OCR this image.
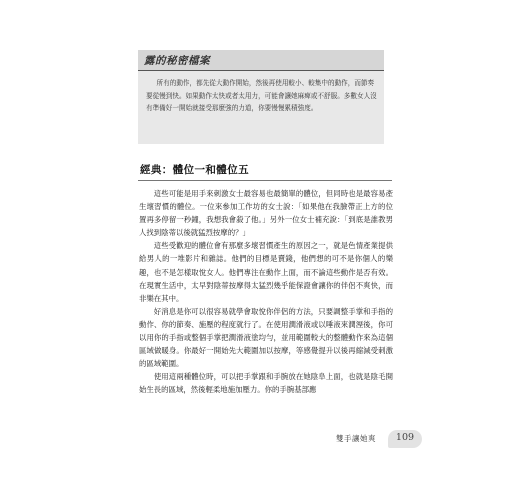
露的秘密檔案

所有的動作，都先從大動作開始，然後再使用較小、較集中的動作，而節奏要從慢到快。如果動作太快或者太用力，可能會讓她麻痺或不舒服。多數女人沒有準備好一開始就接受那麼強的力道，你要慢慢累積強度。

經典：體位一和體位五

這些可能是用手來刺激女士最容易也最簡單的體位，但同時也是最容易產生壞習慣的體位。一位來參加工作坊的女士說：「如果他在我臉帶正上方的位置再多停留一秒鐘，我想我會殺了他。」另外一位女士補充說：「到底是誰教男人找到陰蒂以後就猛烈按摩的？」

這些受歡迎的體位會有那麼多壞習慣產生的原因之一，就是色情產業提供給男人的一堆影片和雜誌。他們的目標是賣錢，他們想的可不是你個人的樂趣，也不是怎樣取悅女人。他們專注在動作上面，而不論這些動作是否有效。在現實生活中，太早對陰蒂按摩得太猛烈幾乎能保證會讓你的伴侶不爽快，而非樂在其中。

好消息是你可以很容易就學會取悅你伴侶的方法，只要調整手掌和手指的動作、你的節奏、施壓的程度就行了。在使用潤滑液或以唾液來潤溼後，你可以用你的手指或整個手掌把潤滑液塗均勻，並用範圍較大的整體動作來為這個區域做暖身。你最好一開始先大範圍加以按摩，等感覺提升以後再縮減受刺激的區域範圍。

使用這兩種體位時，可以把手掌跟和手腕放在她陰阜上面，也就是陰毛開始生長的區域，然後輕柔地施加壓力。你的手腕基部應

雙手讓她爽	109
